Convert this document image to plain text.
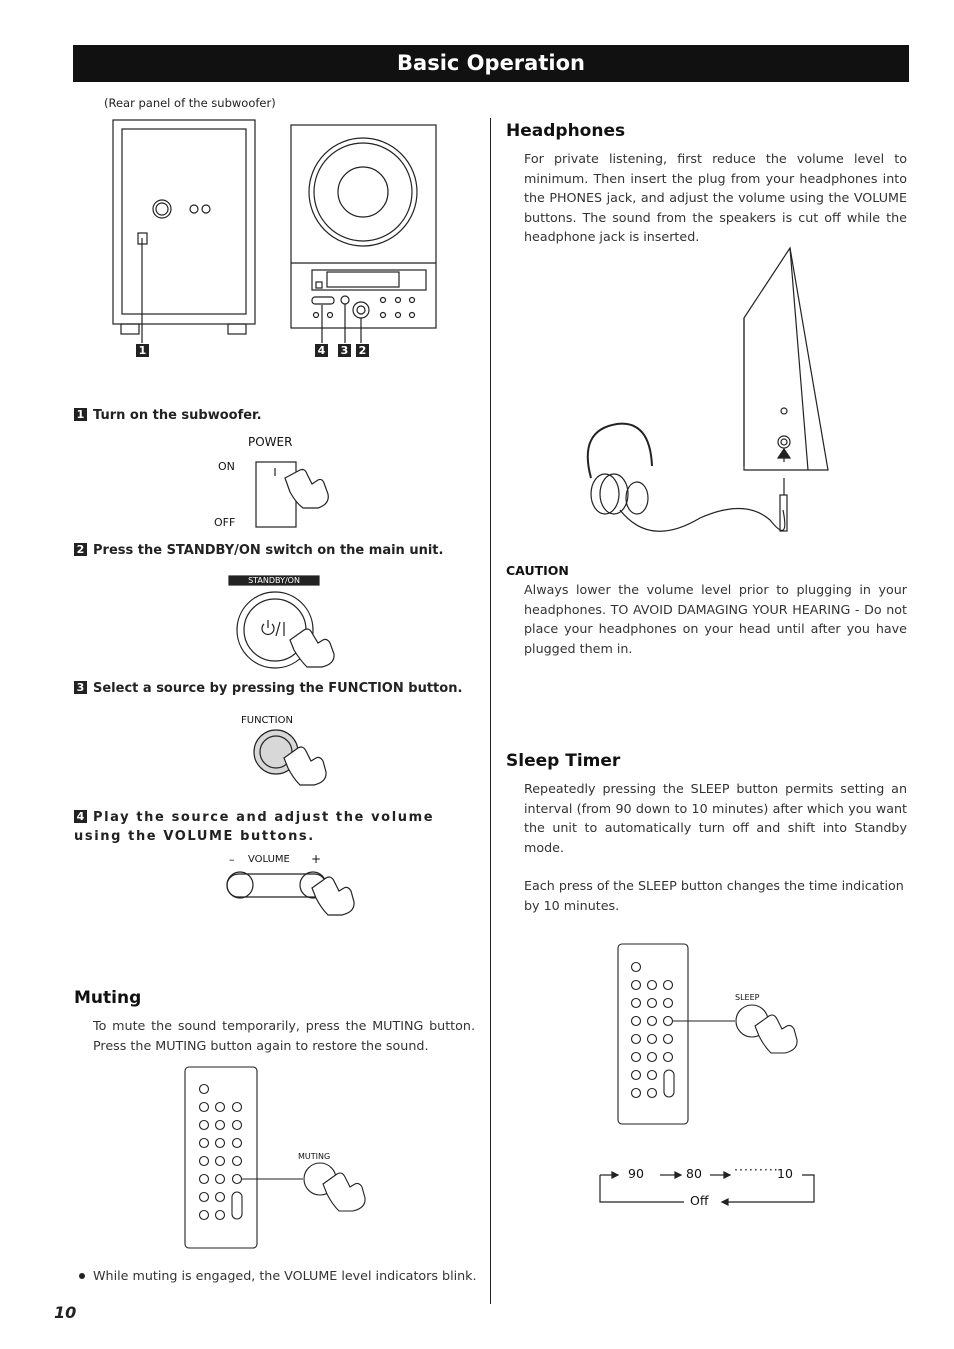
Basic Operation
(Rear panel of the subwoofer)
1	4 3 2
1 Turn on the subwoofer.
POWER
ON
OFF
2 Press the STANDBY/ON switch on the main unit.
STANDBY/ON
3 Select a source by pressing the FUNCTION button.
FUNCTION
4 Play the source and adjust the volume using the VOLUME buttons.
– VOLUME +
Muting
To mute the sound temporarily, press the MUTING button. Press the MUTING button again to restore the sound.
MUTING
While muting is engaged, the VOLUME level indicators blink.
Headphones
For private listening, first reduce the volume level to minimum. Then insert the plug from your headphones into the PHONES jack, and adjust the volume using the VOLUME buttons. The sound from the speakers is cut off while the headphone jack is inserted.
CAUTION
Always lower the volume level prior to plugging in your headphones. TO AVOID DAMAGING YOUR HEARING - Do not place your headphones on your head until after you have plugged them in.
Sleep Timer
Repeatedly pressing the SLEEP button permits setting an interval (from 90 down to 10 minutes) after which you want the unit to automatically turn off and shift into Standby mode.
Each press of the SLEEP button changes the time indication by 10 minutes.
SLEEP
90	80	·········
10
Off
10
